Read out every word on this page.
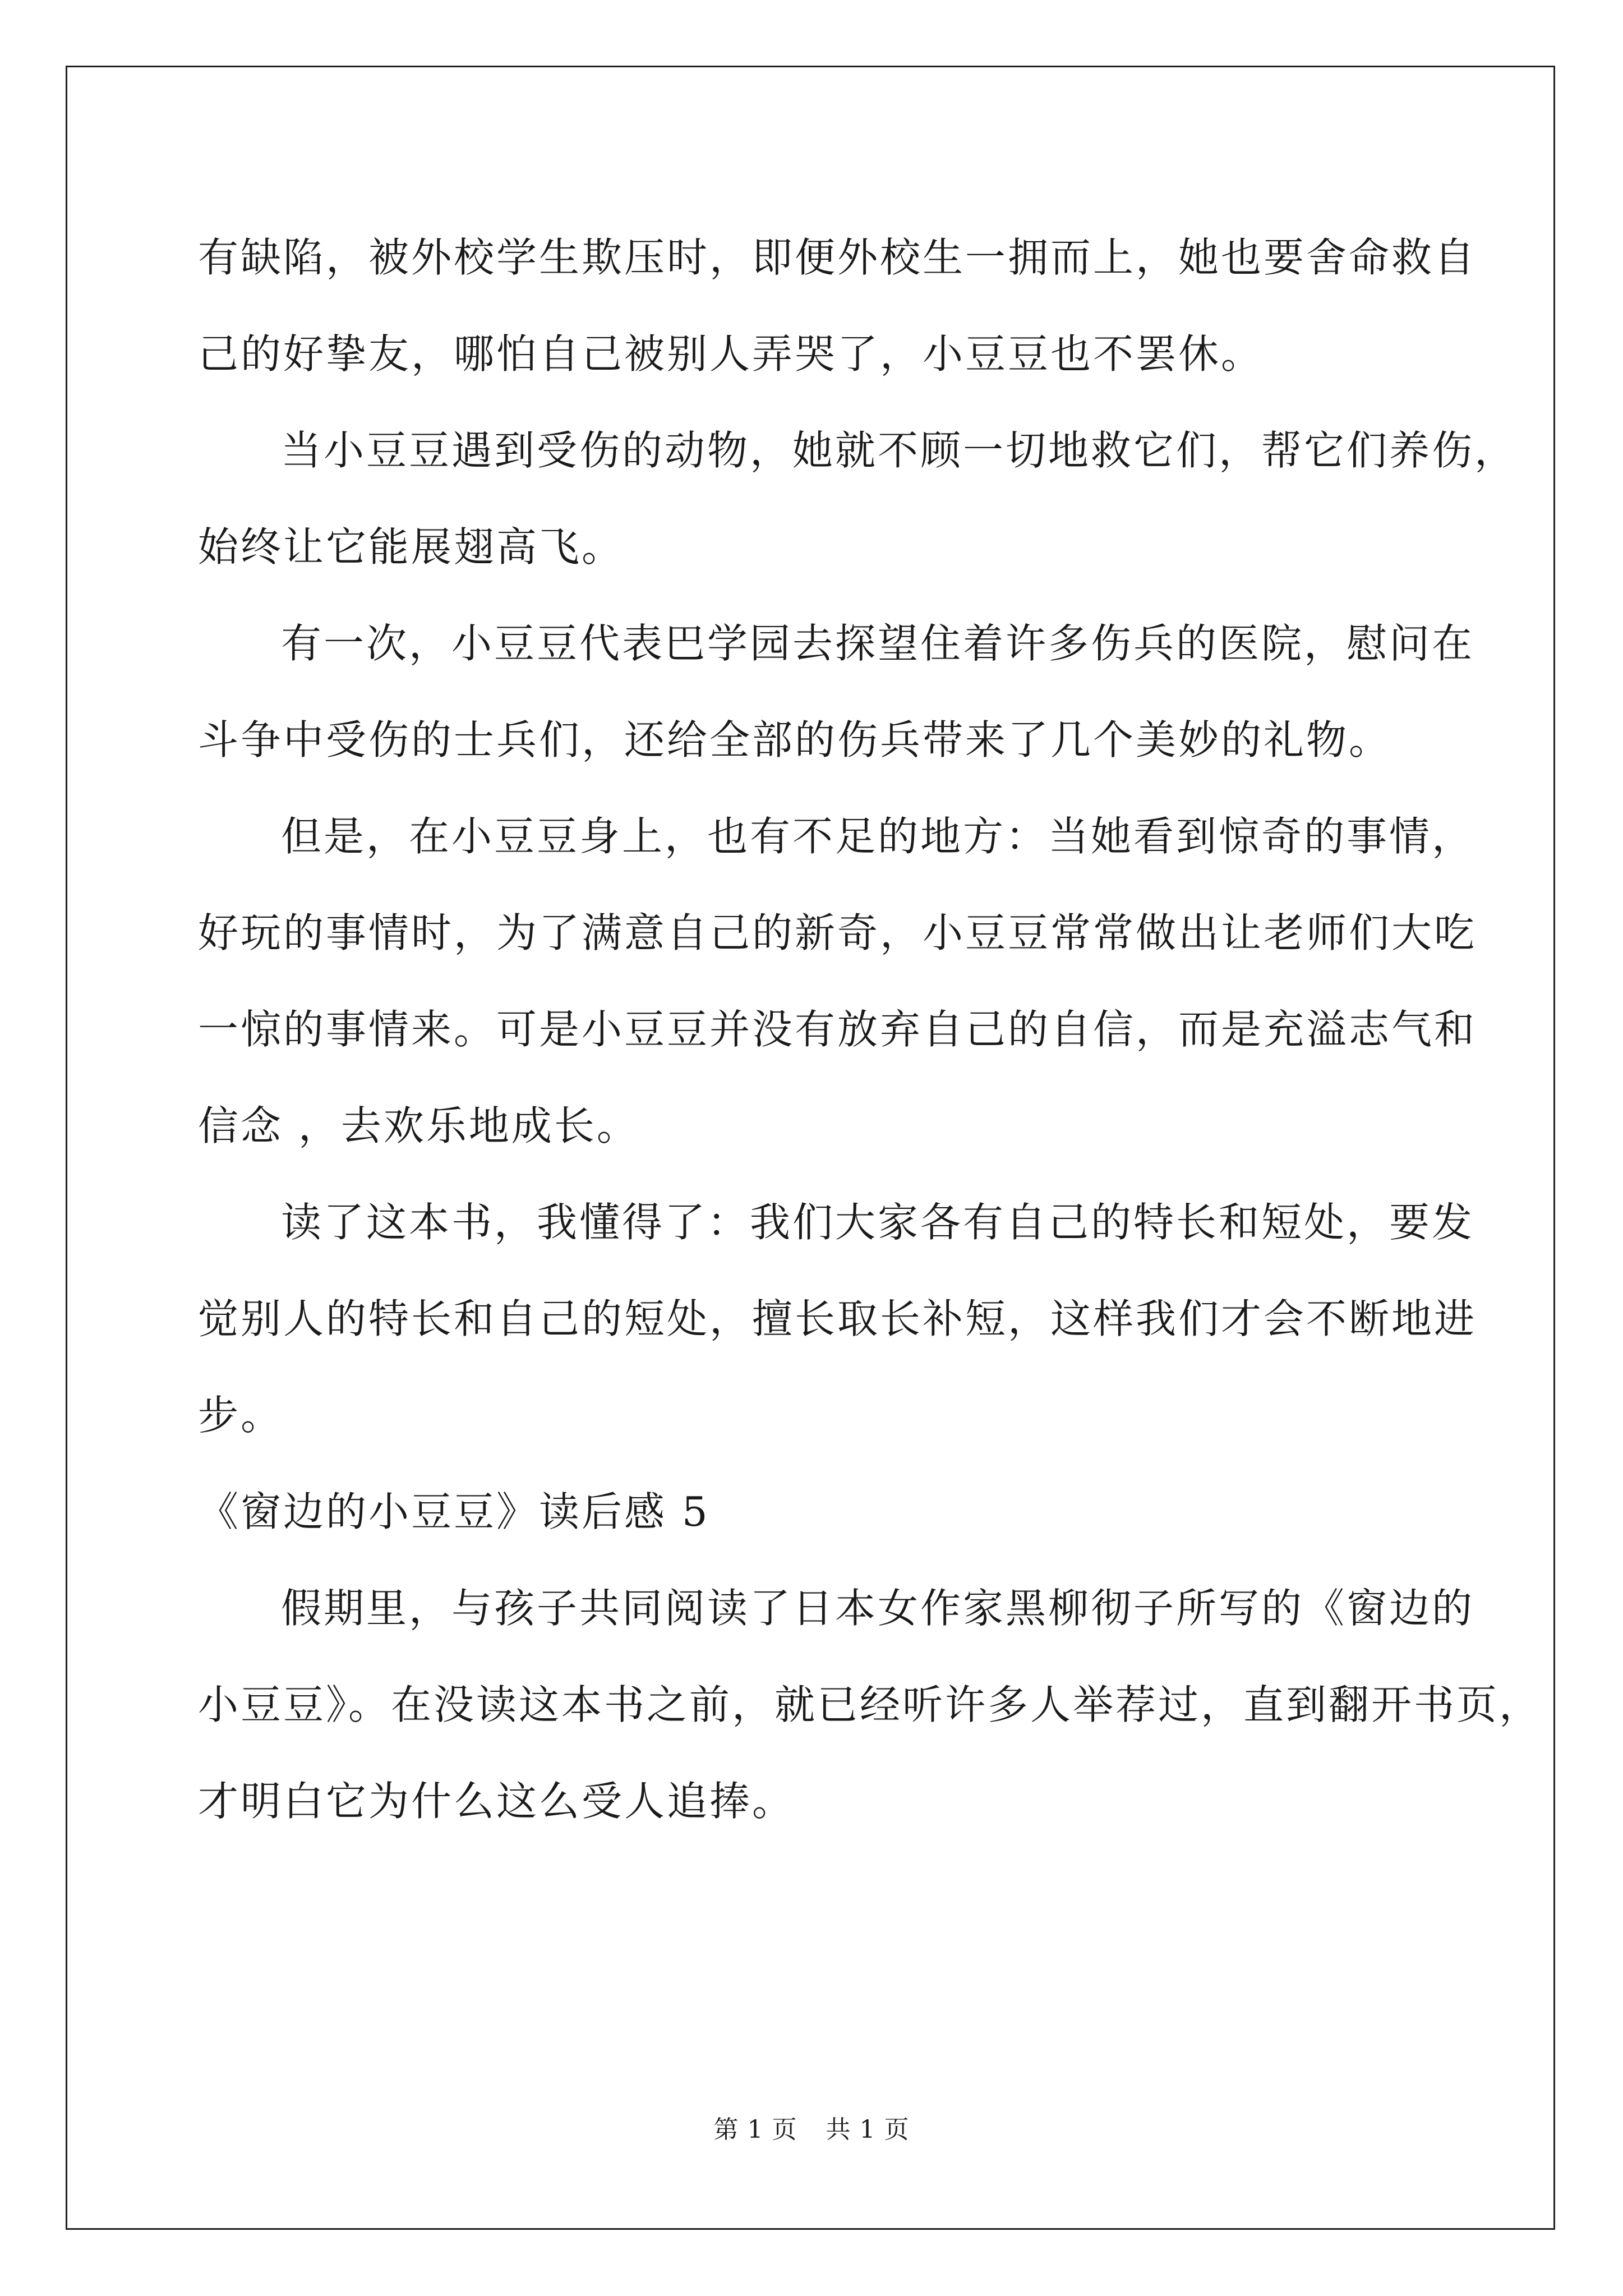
有缺陷，被外校学生欺压时，即便外校生一拥而上，她也要舍命救自
己的好挚友，哪怕自己被别人弄哭了，小豆豆也不罢休。
当小豆豆遇到受伤的动物，她就不顾一切地救它们，帮它们养伤，
始终让它能展翅高飞。
有一次，小豆豆代表巴学园去探望住着许多伤兵的医院，慰问在
斗争中受伤的士兵们，还给全部的伤兵带来了几个美妙的礼物。
但是，在小豆豆身上，也有不足的地方：当她看到惊奇的事情，
好玩的事情时，为了满意自己的新奇，小豆豆常常做出让老师们大吃
一惊的事情来。可是小豆豆并没有放弃自己的自信，而是充溢志气和
信念 ，去欢乐地成长。
读了这本书，我懂得了：我们大家各有自己的特长和短处，要发
觉别人的特长和自己的短处，擅长取长补短，这样我们才会不断地进
步。
《窗边的小豆豆》读后感 5
假期里，与孩子共同阅读了日本女作家黑柳彻子所写的《窗边的
小豆豆》。在没读这本书之前，就已经听许多人举荐过，直到翻开书页，
才明白它为什么这么受人追捧。
第 1 页 共 1 页
